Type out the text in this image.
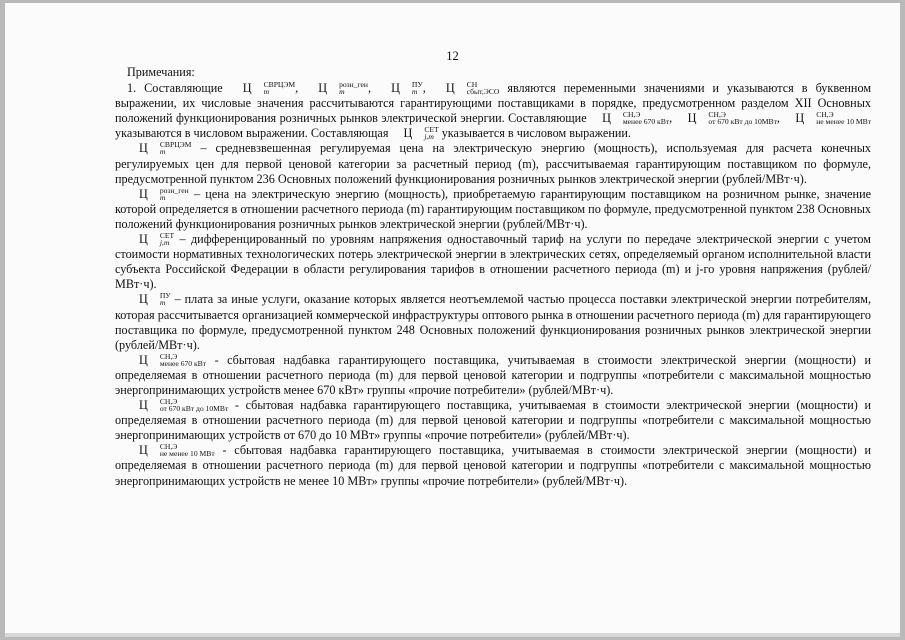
12

Примечания:

1. Составляющие Ц	СВРЦЭМ
m	, Ц	розн_ген
m	, Ц	ПУ
m , Ц	СН
сбыт,ЭСО являются переменными значениями и указываются в буквенном выражении, их числовые значения рассчитываются гарантирующими поставщиками в порядке, предусмотренном разделом XII Основных положений функционирования розничных рынков электрической энергии. Составляющие Ц	СН,Э
менее 670 кВт , Ц	СН,Э
от 670 кВт до 10МВт , Ц	СН,Э
не менее 10 МВт
указываются в числовом выражении. Составляющая Ц	СЕТ
j,m указывается в числовом выражении.

Ц	СВРЦЭМ
m	– средневзвешенная регулируемая цена на электрическую энергию (мощность), используемая для расчета конечных регулируемых цен для первой ценовой категории за расчетный период (m), рассчитываемая гарантирующим поставщиком по формуле, предусмотренной пунктом 236 Основных положений функционирования розничных рынков электрической энергии (рублей/МВт·ч).

Ц	розн_ген
m	– цена на электрическую энергию (мощность), приобретаемую гарантирующим поставщиком на розничном рынке, значение которой определяется в отношении расчетного периода (m) гарантирующим поставщиком по формуле, предусмотренной пунктом 238 Основных положений функционирования розничных рынков электрической энергии (рублей/МВт·ч).

Ц	СЕТ
j,m – дифференцированный по уровням напряжения одноставочный тариф на услуги по передаче электрической энергии с учетом стоимости нормативных технологических потерь электрической энергии в электрических сетях, определяемый органом исполнительной власти субъекта Российской Федерации в области регулирования тарифов в отношении расчетного периода (m) и j-го уровня напряжения (рублей/МВт·ч).

Ц	ПУ
m – плата за иные услуги, оказание которых является неотъемлемой частью процесса поставки электрической энергии потребителям, которая рассчитывается организацией коммерческой инфраструктуры оптового рынка в отношении расчетного периода (m) для гарантирующего поставщика по формуле, предусмотренной пунктом 248 Основных положений функционирования розничных рынков электрической энергии (рублей/МВт·ч).

Ц	СН,Э
менее 670 кВт - сбытовая надбавка гарантирующего поставщика, учитываемая в стоимости электрической энергии (мощности) и определяемая в отношении расчетного периода (m) для первой ценовой категории и подгруппы «потребители с максимальной мощностью энергопринимающих устройств менее 670 кВт» группы «прочие потребители» (рублей/МВт·ч).

Ц	СН,Э
от 670 кВт до 10МВт - сбытовая надбавка гарантирующего поставщика, учитываемая в стоимости электрической энергии (мощности) и определяемая в отношении расчетного периода (m) для первой ценовой категории и подгруппы «потребители с максимальной мощностью энергопринимающих устройств от 670 до 10 МВт» группы «прочие потребители» (рублей/МВт·ч).

Ц	СН,Э
не менее 10 МВт - сбытовая надбавка гарантирующего поставщика, учитываемая в стоимости электрической энергии (мощности) и определяемая в отношении расчетного периода (m) для первой ценовой категории и подгруппы «потребители с максимальной мощностью энергопринимающих устройств не менее 10 МВт» группы «прочие потребители» (рублей/МВт·ч).
